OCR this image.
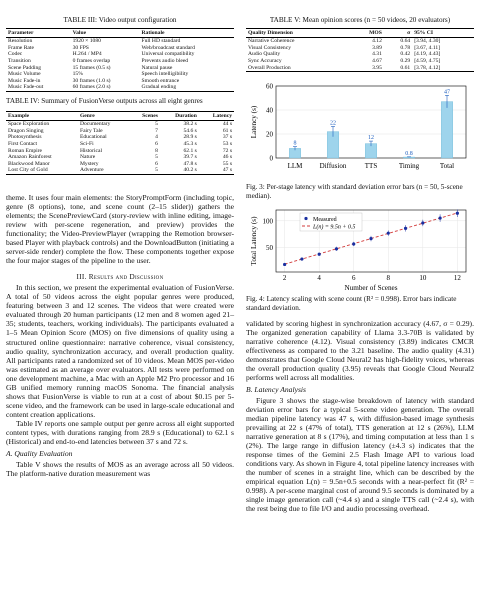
TABLE III: Video output configuration

Parameter	Value	Rationale
Resolution	1920 × 1080	Full HD standard
Frame Rate	30 FPS	Web/broadcast standard
Codec	H.264 / MP4	Universal compatibility
Transition	0 frames overlap	Prevents audio bleed
Scene Padding	15 frames (0.5 s)	Natural pause
Music Volume	15%	Speech intelligibility
Music Fade-in	30 frames (1.0 s)	Smooth entrance
Music Fade-out	60 frames (2.0 s)	Gradual ending

TABLE IV: Summary of FusionVerse outputs across all eight genres

Example	Genre	Scenes	Duration	Latency
Space Exploration	Documentary	5	38.2 s	44 s
Dragon Singing	Fairy Tale	7	54.6 s	61 s
Photosynthesis	Educational	4	28.9 s	37 s
First Contact	Sci-Fi	6	45.3 s	53 s
Roman Empire	Historical	8	62.1 s	72 s
Amazon Rainforest	Nature	5	39.7 s	46 s
Blackwood Manor	Mystery	6	47.8 s	55 s
Lost City of Gold	Adventure	5	40.2 s	47 s

theme. It uses four main elements: the StoryPromptForm (including topic, genre (8 options), tone, and scene count (2–15 slider)) gathers the elements; the ScenePreviewCard (story-review with inline editing, image-review with per-scene regeneration, and preview) provides the functionality; the Video-PreviewPlayer (wrapping the Remotion browser-based Player with playback controls) and the DownloadButton (initiating a server-side render) complete the flow. These components together expose the four major stages of the pipeline to the user.

III. Results and Discussion

In this section, we present the experimental evaluation of FusionVerse. A total of 50 videos across the eight popular genres were produced, featuring between 3 and 12 scenes. The videos that were created were evaluated through 20 human participants (12 men and 8 women aged 21–35; students, teachers, working individuals). The participants evaluated a 1–5 Mean Opinion Score (MOS) on five dimensions of quality using a structured online questionnaire: narrative coherence, visual consistency, audio quality, synchronization accuracy, and overall production quality. All participants rated a randomized set of 10 videos. Mean MOS per-video was estimated as an average over evaluators. All tests were performed on one development machine, a Mac with an Apple M2 Pro processor and 16 GB unified memory running macOS Sonoma. The financial analysis shows that FusionVerse is viable to run at a cost of about $0.15 per 5-scene video, and the framework can be used in large-scale educational and content creation applications.

Table IV reports one sample output per genre across all eight supported content types, with durations ranging from 28.9 s (Educational) to 62.1 s (Historical) and end-to-end latencies between 37 s and 72 s.

A. Quality Evaluation

Table V shows the results of MOS as an average across all 50 videos. The platform-native duration measurement was

TABLE V: Mean opinion scores (n = 50 videos, 20 evaluators)

Quality Dimension	MOS	σ	95% CI
Narrative Coherence	4.12	0.64	[3.94, 4.30]
Visual Consistency	3.89	0.78	[3.67, 4.11]
Audio Quality	4.31	0.42	[4.19, 4.43]
Sync Accuracy	4.67	0.29	[4.59, 4.75]
Overall Production	3.95	0.61	[3.78, 4.12]
0
20
40
60
Latency (s)
8
LLM
22
Diffusion
12
TTS
0.8
Timing
47
Total

Fig. 3: Per-stage latency with standard deviation error bars (n = 50, 5-scene median).

2	4	6	8	10	12
50
100
Number of Scenes
Total Latency (s)	Measured
L(n) = 9.5n + 0.5

Fig. 4: Latency scaling with scene count (R² = 0.998). Error bars indicate standard deviation.

validated by scoring highest in synchronization accuracy (4.67, σ = 0.29). The organized generation capability of Llama 3.3-70B is validated by narrative coherence (4.12). Visual consistency (3.89) indicates CMCR effectiveness as compared to the 3.21 baseline. The audio quality (4.31) demonstrates that Google Cloud Neural2 has high-fidelity voices, whereas the overall production quality (3.95) reveals that Google Cloud Neural2 performs well across all modalities.

B. Latency Analysis

Figure 3 shows the stage-wise breakdown of latency with standard deviation error bars for a typical 5-scene video generation. The overall median pipeline latency was 47 s, with diffusion-based image synthesis prevailing at 22 s (47% of total), TTS generation at 12 s (26%), LLM narrative generation at 8 s (17%), and timing computation at less than 1 s (2%). The large range in diffusion latency (±4.3 s) indicates that the response times of the Gemini 2.5 Flash Image API to various load conditions vary. As shown in Figure 4, total pipeline latency increases with the number of scenes in a straight line, which can be described by the empirical equation L(n) = 9.5n+0.5 seconds with a near-perfect fit (R² = 0.998). A per-scene marginal cost of around 9.5 seconds is dominated by a single image generation call (~4.4 s) and a single TTS call (~2.4 s), with the rest being due to file I/O and audio processing overhead.
